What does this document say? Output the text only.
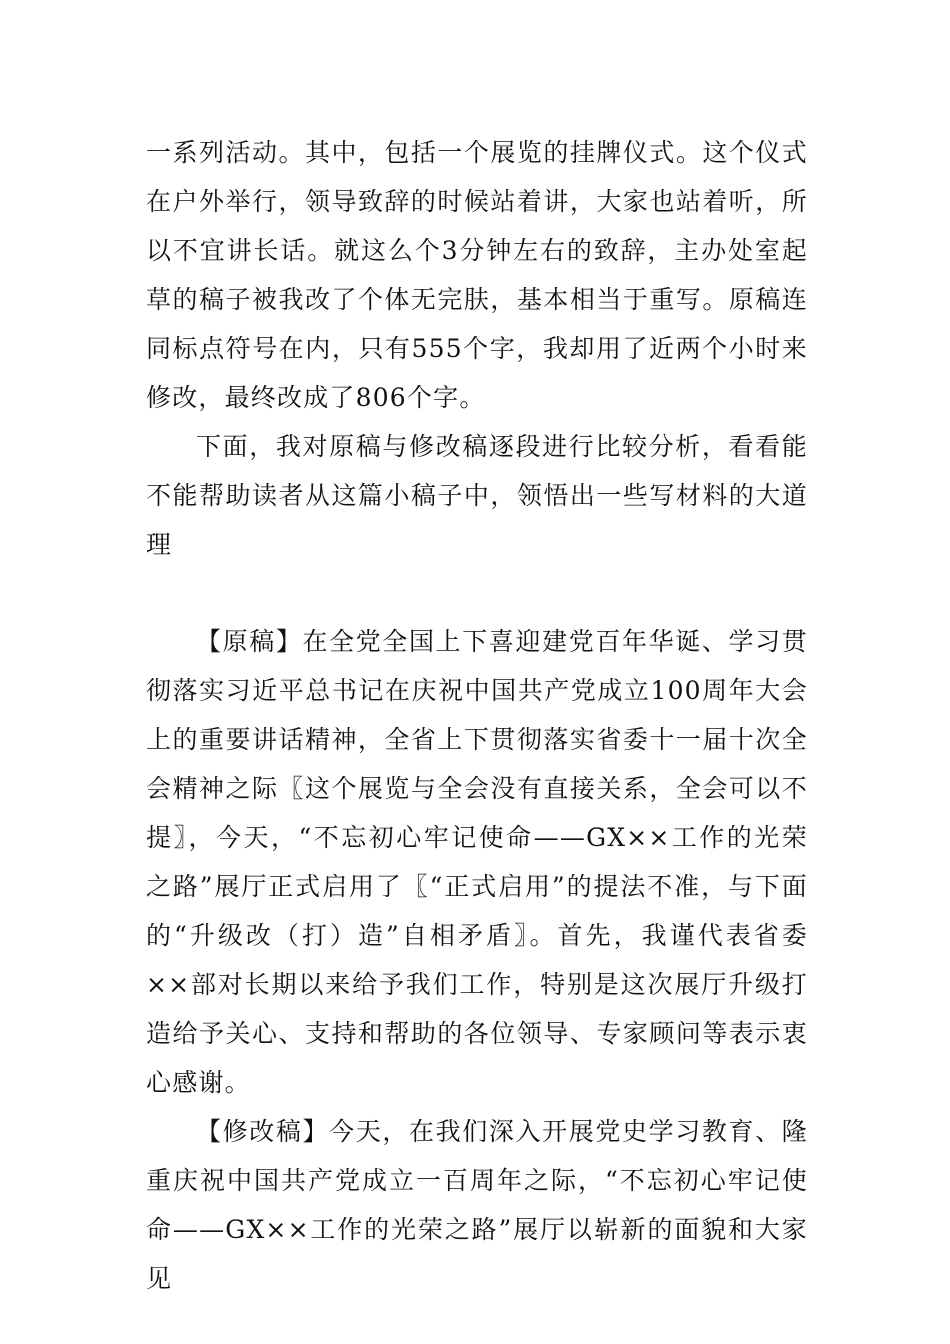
一系列活动。其中，包括一个展览的挂牌仪式。这个仪式在户外举行，领导致辞的时候站着讲，大家也站着听，所以不宜讲长话。就这么个3分钟左右的致辞，主办处室起草的稿子被我改了个体无完肤，基本相当于重写。原稿连同标点符号在内，只有555个字，我却用了近两个小时来修改，最终改成了806个字。

下面，我对原稿与修改稿逐段进行比较分析，看看能不能帮助读者从这篇小稿子中，领悟出一些写材料的大道理

【原稿】在全党全国上下喜迎建党百年华诞、学习贯彻落实习近平总书记在庆祝中国共产党成立100周年大会上的重要讲话精神，全省上下贯彻落实省委十一届十次全会精神之际〖这个展览与全会没有直接关系，全会可以不提〗，今天，“不忘初心牢记使命——GX××工作的光荣之路”展厅正式启用了〖“正式启用”的提法不准，与下面的“升级改（打）造”自相矛盾〗。首先，我谨代表省委××部对长期以来给予我们工作，特别是这次展厅升级打造给予关心、支持和帮助的各位领导、专家顾问等表示衷心感谢。

【修改稿】今天，在我们深入开展党史学习教育、隆重庆祝中国共产党成立一百周年之际，“不忘初心牢记使命——GX××工作的光荣之路”展厅以崭新的面貌和大家见
